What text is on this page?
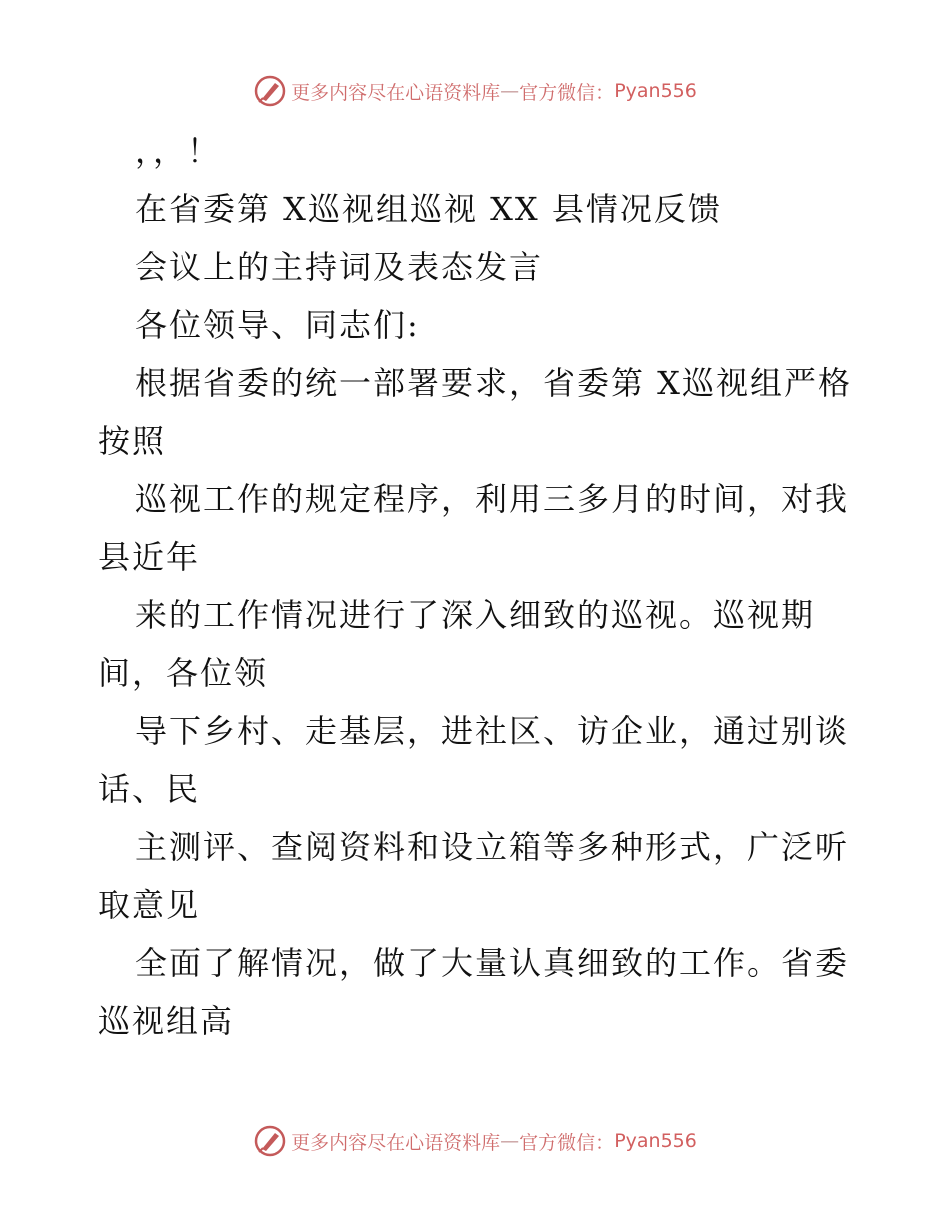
更多内容尽在心语资料库 — 官方微信： Pyan556

，，！

在省委第 X巡视组巡视 XX 县情况反馈

会议上的主持词及表态发言

各位领导、同志们:

根据省委的统一部署要求，省委第 X巡视组严格按照

巡视工作的规定程序，利用三多月的时间，对我县近年

来的工作情况进行了深入细致的巡视。巡视期间，各位领

导下乡村、走基层，进社区、访企业，通过别谈话、民

主测评、查阅资料和设立箱等多种形式，广泛听取意见

全面了解情况，做了大量认真细致的工作。省委巡视组高

更多内容尽在心语资料库 — 官方微信： Pyan556
